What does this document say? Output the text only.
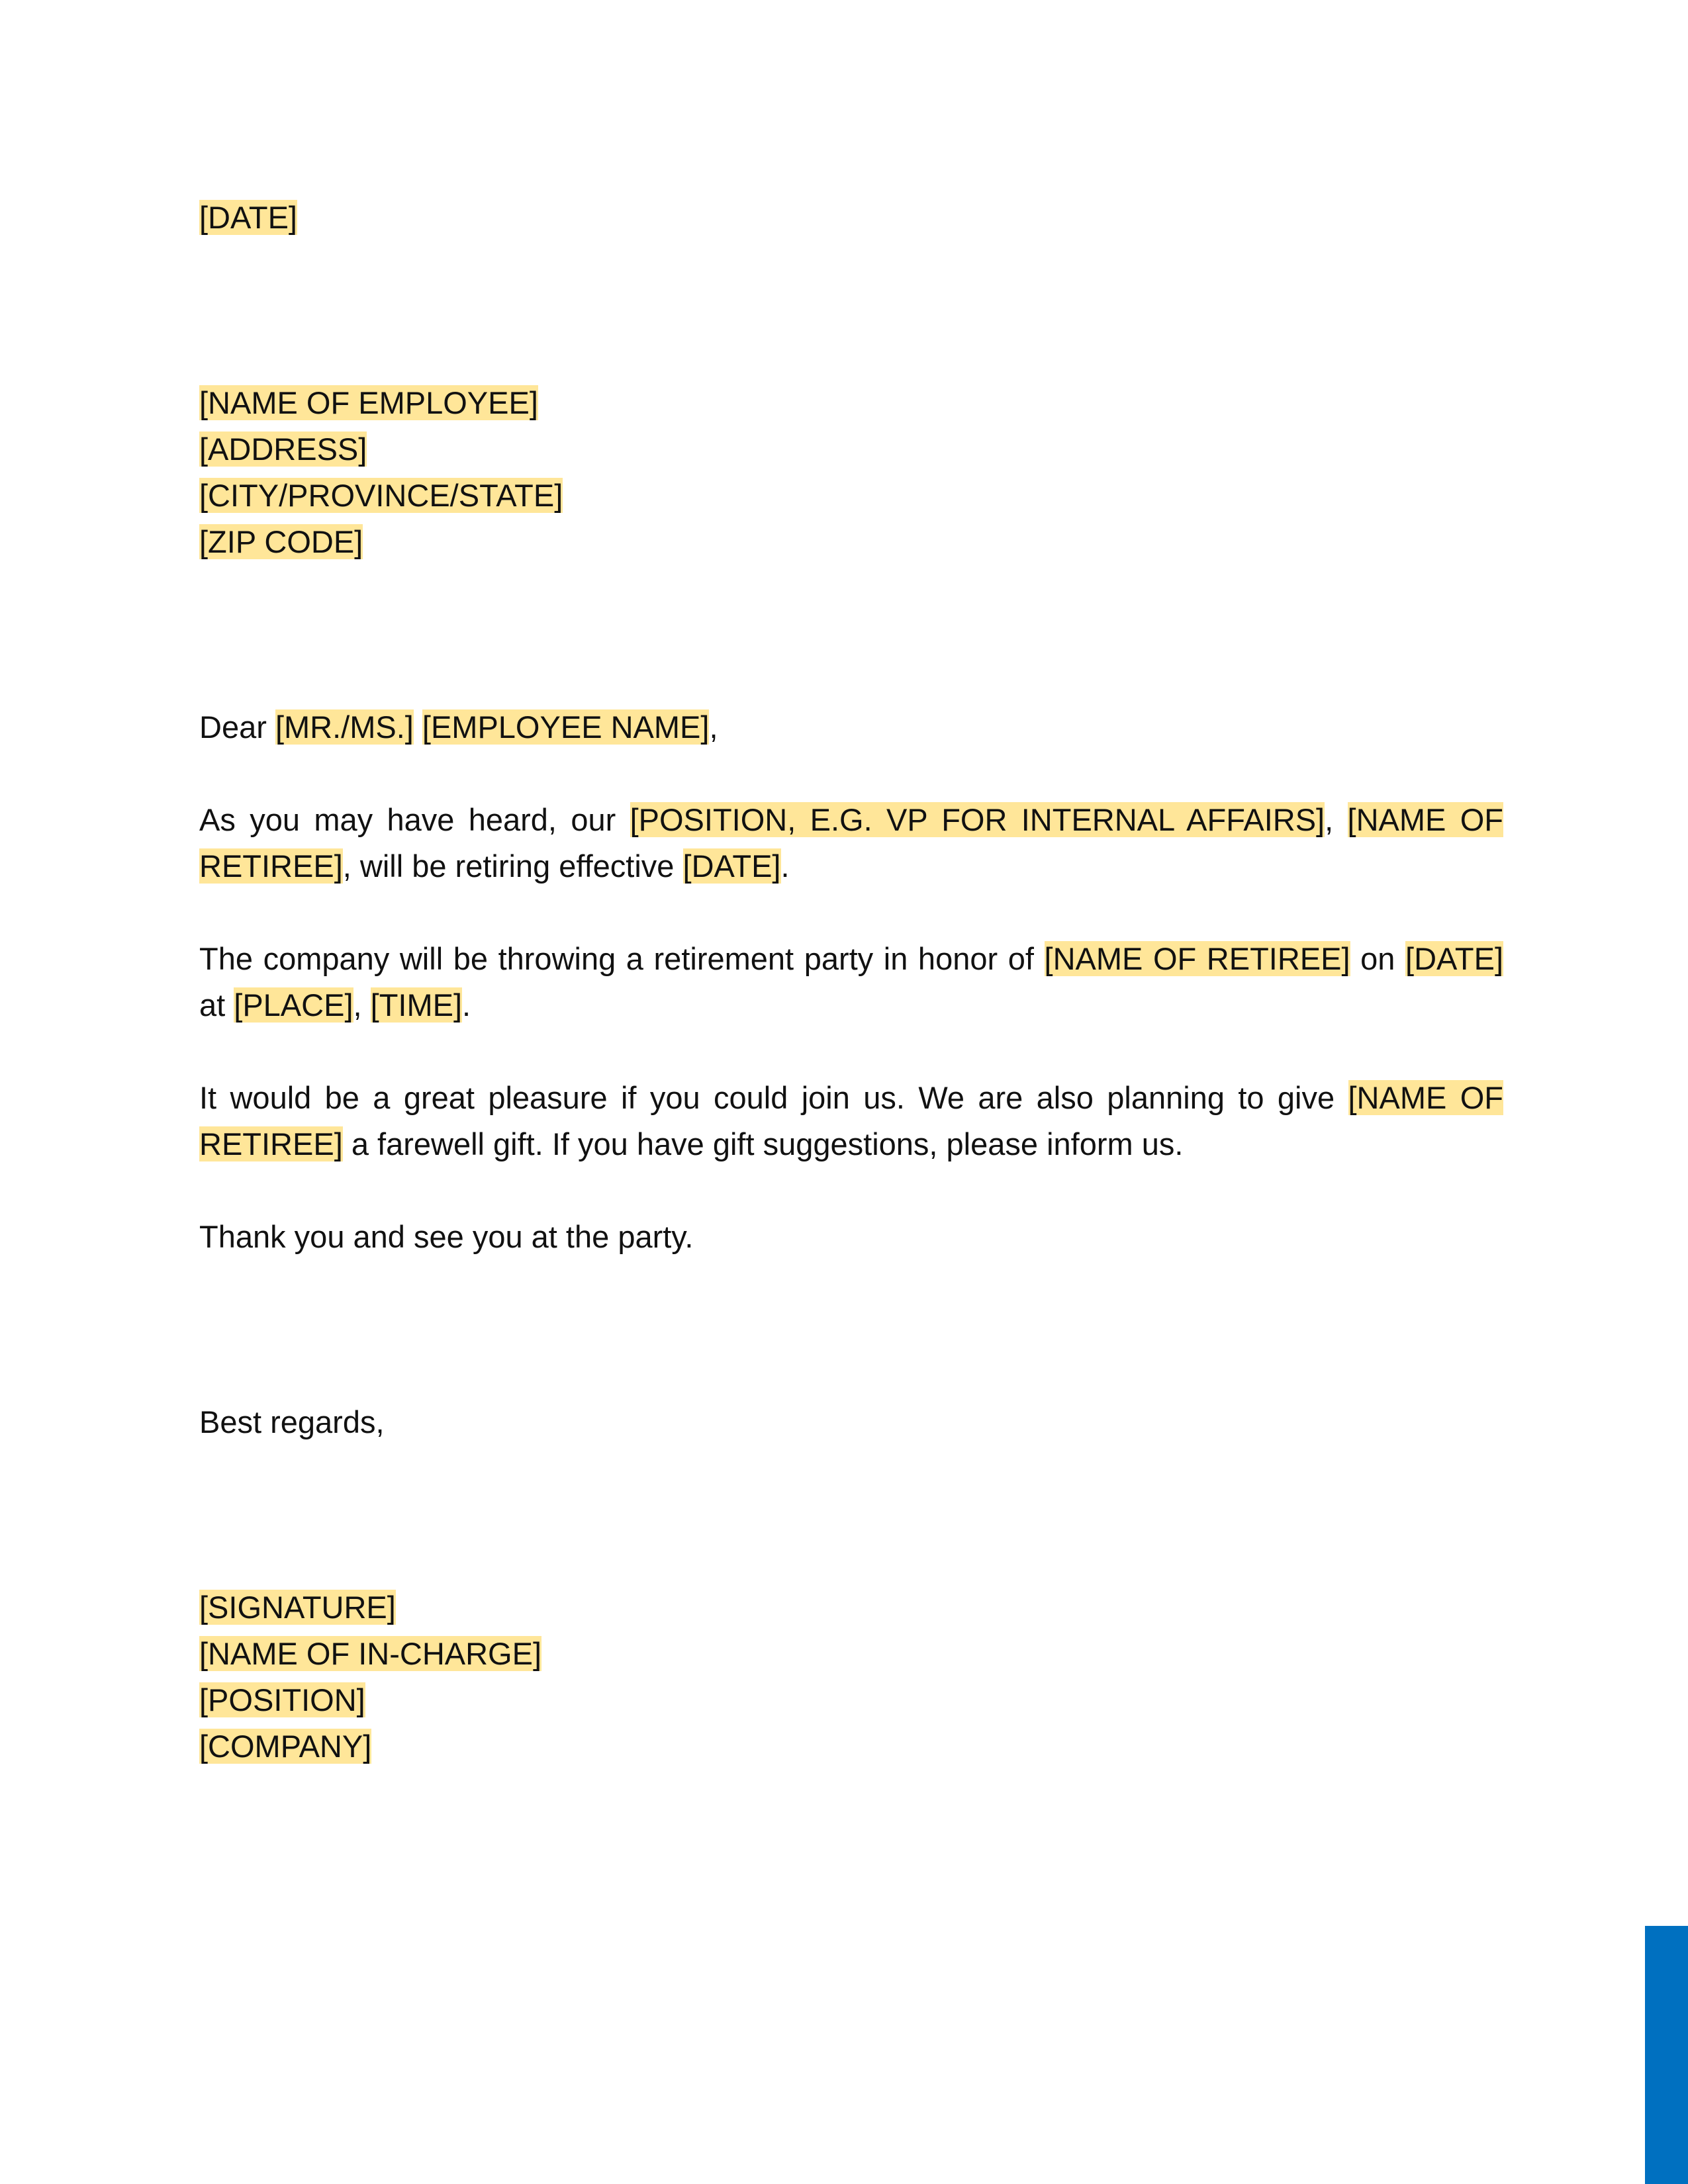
[DATE]

[NAME OF EMPLOYEE]
[ADDRESS]
[CITY/PROVINCE/STATE]
[ZIP CODE]

Dear [MR./MS.] [EMPLOYEE NAME],

As you may have heard, our [POSITION, E.G. VP FOR INTERNAL AFFAIRS], [NAME OF RETIREE], will be retiring effective [DATE].

The company will be throwing a retirement party in honor of [NAME OF RETIREE] on [DATE] at [PLACE], [TIME].

It would be a great pleasure if you could join us. We are also planning to give [NAME OF RETIREE] a farewell gift. If you have gift suggestions, please inform us.

Thank you and see you at the party.

Best regards,

[SIGNATURE]
[NAME OF IN-CHARGE]
[POSITION]
[COMPANY]
